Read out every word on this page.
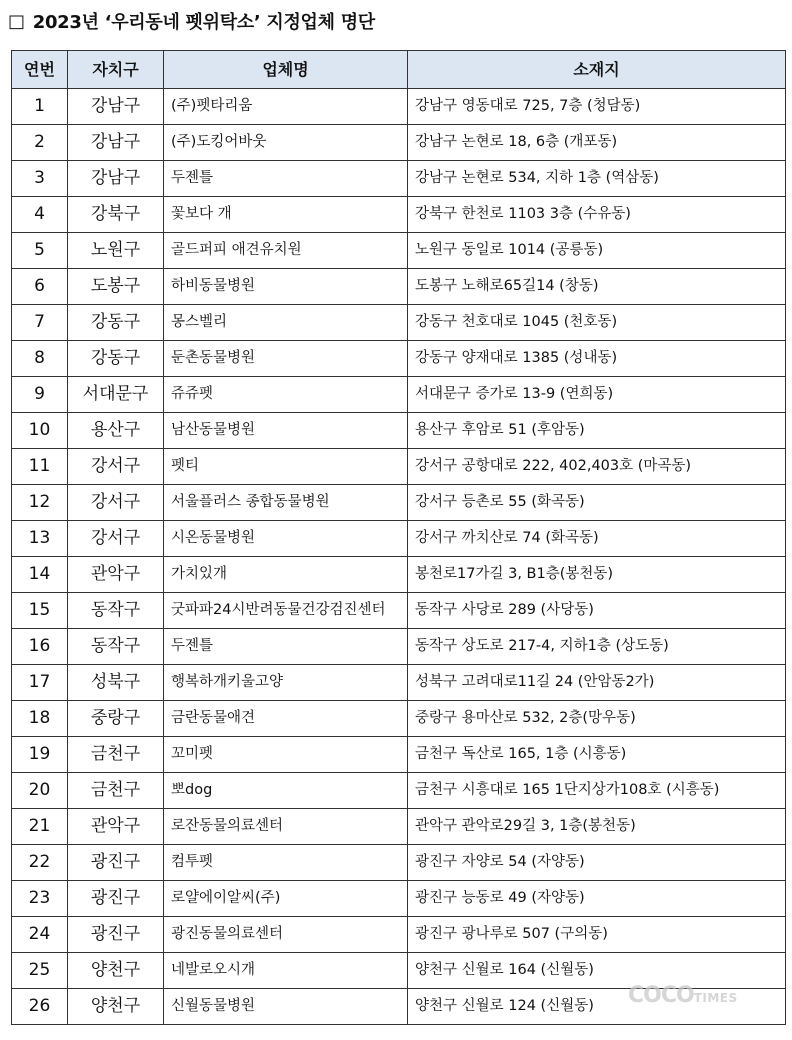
□ 2023년 ‘우리동네 펫위탁소’ 지정업체 명단
연번	자치구	업체명	소재지
1	강남구	(주)펫타리움	강남구 영동대로 725, 7층 (청담동)
2	강남구	(주)도킹어바웃	강남구 논현로 18, 6층 (개포동)
3	강남구	두젠틀	강남구 논현로 534, 지하 1층 (역삼동)
4	강북구	꽃보다 개	강북구 한천로 1103 3층 (수유동)
5	노원구	골드퍼피 애견유치원	노원구 동일로 1014 (공릉동)
6	도봉구	하비동물병원	도봉구 노해로65길14 (창동)
7	강동구	몽스벨리	강동구 천호대로 1045 (천호동)
8	강동구	둔촌동물병원	강동구 양재대로 1385 (성내동)
9	서대문구	쥬쥬펫	서대문구 증가로 13-9 (연희동)
10	용산구	남산동물병원	용산구 후암로 51 (후암동)
11	강서구	펫티	강서구 공항대로 222, 402,403호 (마곡동)
12	강서구	서울플러스 종합동물병원	강서구 등촌로 55 (화곡동)
13	강서구	시온동물병원	강서구 까치산로 74 (화곡동)
14	관악구	가치있개	봉천로17가길 3, B1층(봉천동)
15	동작구	굿파파24시반려동물건강검진센터	동작구 사당로 289 (사당동)
16	동작구	두젠틀	동작구 상도로 217-4, 지하1층 (상도동)
17	성북구	행복하개키울고양	성북구 고려대로11길 24 (안암동2가)
18	중랑구	금란동물애견	중랑구 용마산로 532, 2층(망우동)
19	금천구	꼬미펫	금천구 독산로 165, 1층 (시흥동)
20	금천구	뽀dog	금천구 시흥대로 165 1단지상가108호 (시흥동)
21	관악구	로잔동물의료센터	관악구 관악로29길 3, 1층(봉천동)
22	광진구	컴투펫	광진구 자양로 54 (자양동)
23	광진구	로얄에이알씨(주)	광진구 능동로 49 (자양동)
24	광진구	광진동물의료센터	광진구 광나루로 507 (구의동)
25	양천구	네발로오시개	양천구 신월로 164 (신월동)
26	양천구	신월동물병원	양천구 신월로 124 (신월동) COCOTIMES
